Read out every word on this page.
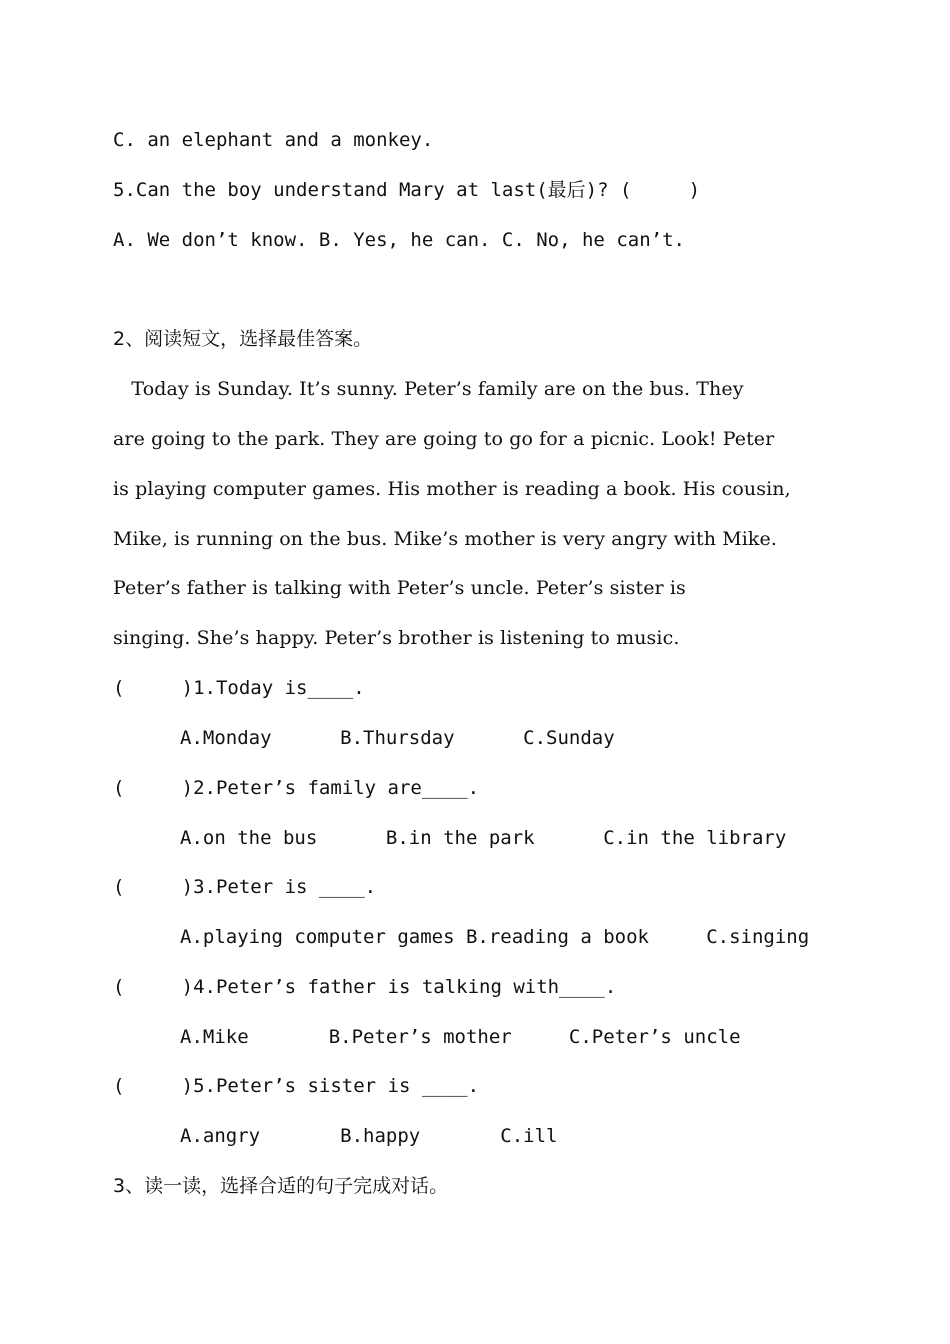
C. an elephant and a monkey.
5.Can the boy understand Mary at last(最后)? (     )
A. We don’t know. B. Yes, he can. C. No, he can’t.
2、阅读短文，选择最佳答案。
Today is Sunday. It’s sunny. Peter’s family are on the bus. They
are going to the park. They are going to go for a picnic. Look! Peter
is playing computer games. His mother is reading a book. His cousin,
Mike, is running on the bus. Mike’s mother is very angry with Mike.
Peter’s father is talking with Peter’s uncle. Peter’s sister is
singing. She’s happy. Peter’s brother is listening to music.
(     )1.Today is____.
A.Monday      B.Thursday      C.Sunday
(     )2.Peter’s family are____.
A.on the bus      B.in the park      C.in the library
(     )3.Peter is ____.
A.playing computer games B.reading a book     C.singing
(     )4.Peter’s father is talking with____.
A.Mike       B.Peter’s mother     C.Peter’s uncle
(     )5.Peter’s sister is ____.
A.angry       B.happy       C.ill
3、读一读，选择合适的句子完成对话。
